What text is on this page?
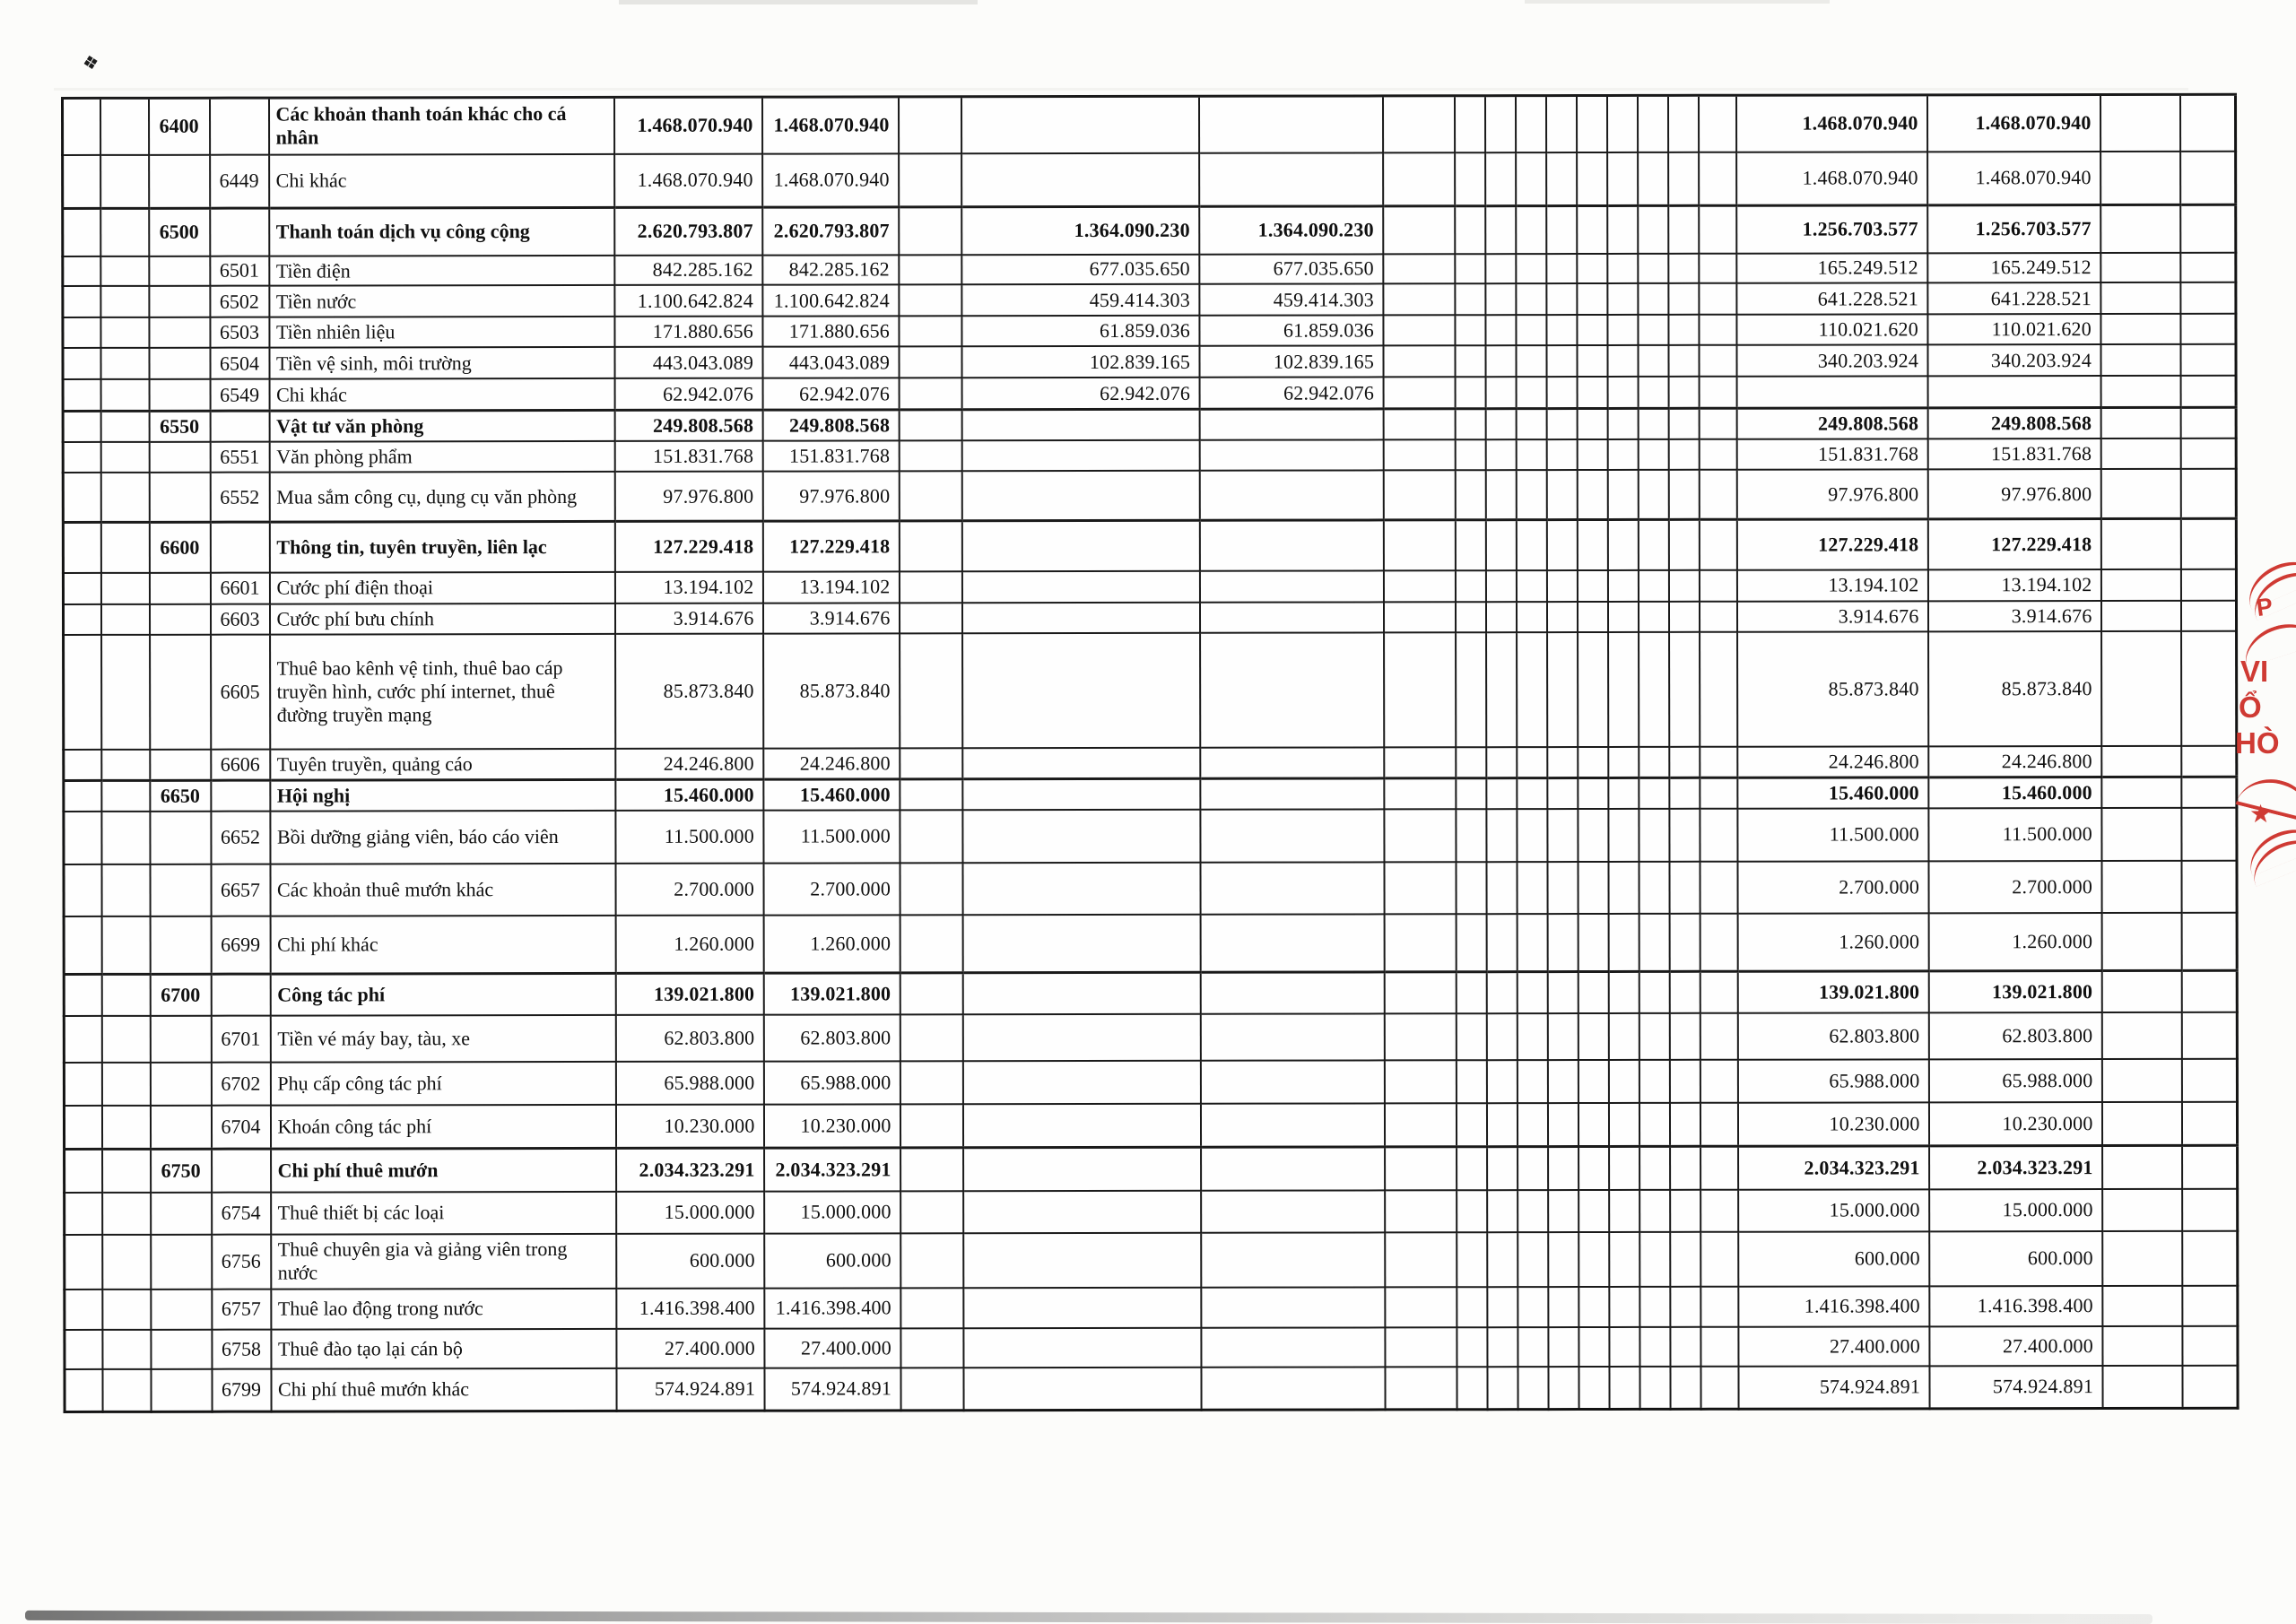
❖
		6400		Các khoản thanh toán khác cho cá nhân	1.468.070.940	1.468.070.940														1.468.070.940	1.468.070.940		
			6449	Chi khác	1.468.070.940	1.468.070.940														1.468.070.940	1.468.070.940		
		6500		Thanh toán dịch vụ công cộng	2.620.793.807	2.620.793.807		1.364.090.230	1.364.090.230											1.256.703.577	1.256.703.577		
			6501	Tiền điện	842.285.162	842.285.162		677.035.650	677.035.650											165.249.512	165.249.512		
			6502	Tiền nước	1.100.642.824	1.100.642.824		459.414.303	459.414.303											641.228.521	641.228.521		
			6503	Tiền nhiên liệu	171.880.656	171.880.656		61.859.036	61.859.036											110.021.620	110.021.620		
			6504	Tiền vệ sinh, môi trường	443.043.089	443.043.089		102.839.165	102.839.165											340.203.924	340.203.924		
			6549	Chi khác	62.942.076	62.942.076		62.942.076	62.942.076														
		6550		Vật tư văn phòng	249.808.568	249.808.568														249.808.568	249.808.568		
			6551	Văn phòng phẩm	151.831.768	151.831.768														151.831.768	151.831.768		
			6552	Mua sắm công cụ, dụng cụ văn phòng	97.976.800	97.976.800														97.976.800	97.976.800		
		6600		Thông tin, tuyên truyền, liên lạc	127.229.418	127.229.418														127.229.418	127.229.418		
			6601	Cước phí điện thoại	13.194.102	13.194.102														13.194.102	13.194.102		
			6603	Cước phí bưu chính	3.914.676	3.914.676														3.914.676	3.914.676		
			6605	Thuê bao kênh vệ tinh, thuê bao cáp truyền hình, cước phí internet, thuê đường truyền mạng	85.873.840	85.873.840														85.873.840	85.873.840		
			6606	Tuyên truyền, quảng cáo	24.246.800	24.246.800														24.246.800	24.246.800		
		6650		Hội nghị	15.460.000	15.460.000														15.460.000	15.460.000		
			6652	Bồi dưỡng giảng viên, báo cáo viên	11.500.000	11.500.000														11.500.000	11.500.000		
			6657	Các khoản thuê mướn khác	2.700.000	2.700.000														2.700.000	2.700.000		
			6699	Chi phí khác	1.260.000	1.260.000														1.260.000	1.260.000		
		6700		Công tác phí	139.021.800	139.021.800														139.021.800	139.021.800		
			6701	Tiền vé máy bay, tàu, xe	62.803.800	62.803.800														62.803.800	62.803.800		
			6702	Phụ cấp công tác phí	65.988.000	65.988.000														65.988.000	65.988.000		
			6704	Khoán công tác phí	10.230.000	10.230.000														10.230.000	10.230.000		
		6750		Chi phí thuê mướn	2.034.323.291	2.034.323.291														2.034.323.291	2.034.323.291		
			6754	Thuê thiết bị các loại	15.000.000	15.000.000														15.000.000	15.000.000		
			6756	Thuê chuyên gia và giảng viên trong nước	600.000	600.000														600.000	600.000		
			6757	Thuê lao động trong nước	1.416.398.400	1.416.398.400														1.416.398.400	1.416.398.400		
			6758	Thuê đào tạo lại cán bộ	27.400.000	27.400.000														27.400.000	27.400.000		
			6799	Chi phí thuê mướn khác	574.924.891	574.924.891														574.924.891	574.924.891		
P
VI
Ổ
HÒ
★
